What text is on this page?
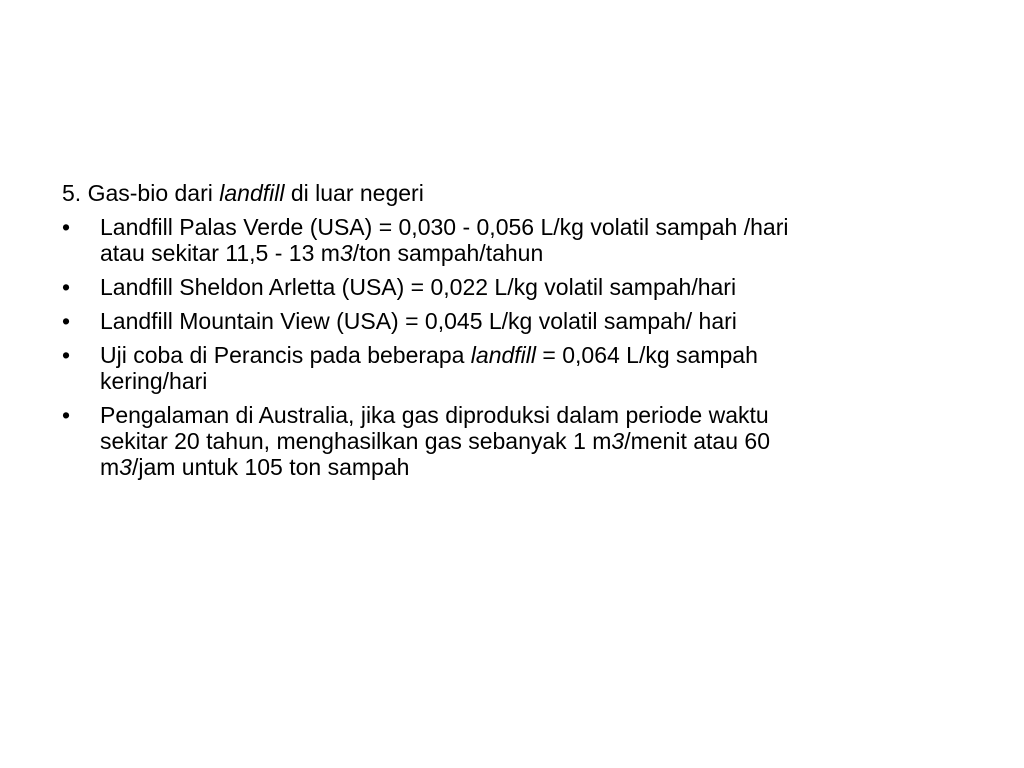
5. Gas-bio dari landfill di luar negeri
•	Landfill Palas Verde (USA) = 0,030 - 0,056 L/kg volatil sampah /hari
atau sekitar 11,5 - 13 m3/ton sampah/tahun
•	Landfill Sheldon Arletta (USA) = 0,022 L/kg volatil sampah/hari
•	Landfill Mountain View (USA) = 0,045 L/kg volatil sampah/ hari
•	Uji coba di Perancis pada beberapa landfill = 0,064 L/kg sampah
kering/hari
•	Pengalaman di Australia, jika gas diproduksi dalam periode waktu
sekitar 20 tahun, menghasilkan gas sebanyak 1 m3/menit atau 60
m3/jam untuk 105 ton sampah
